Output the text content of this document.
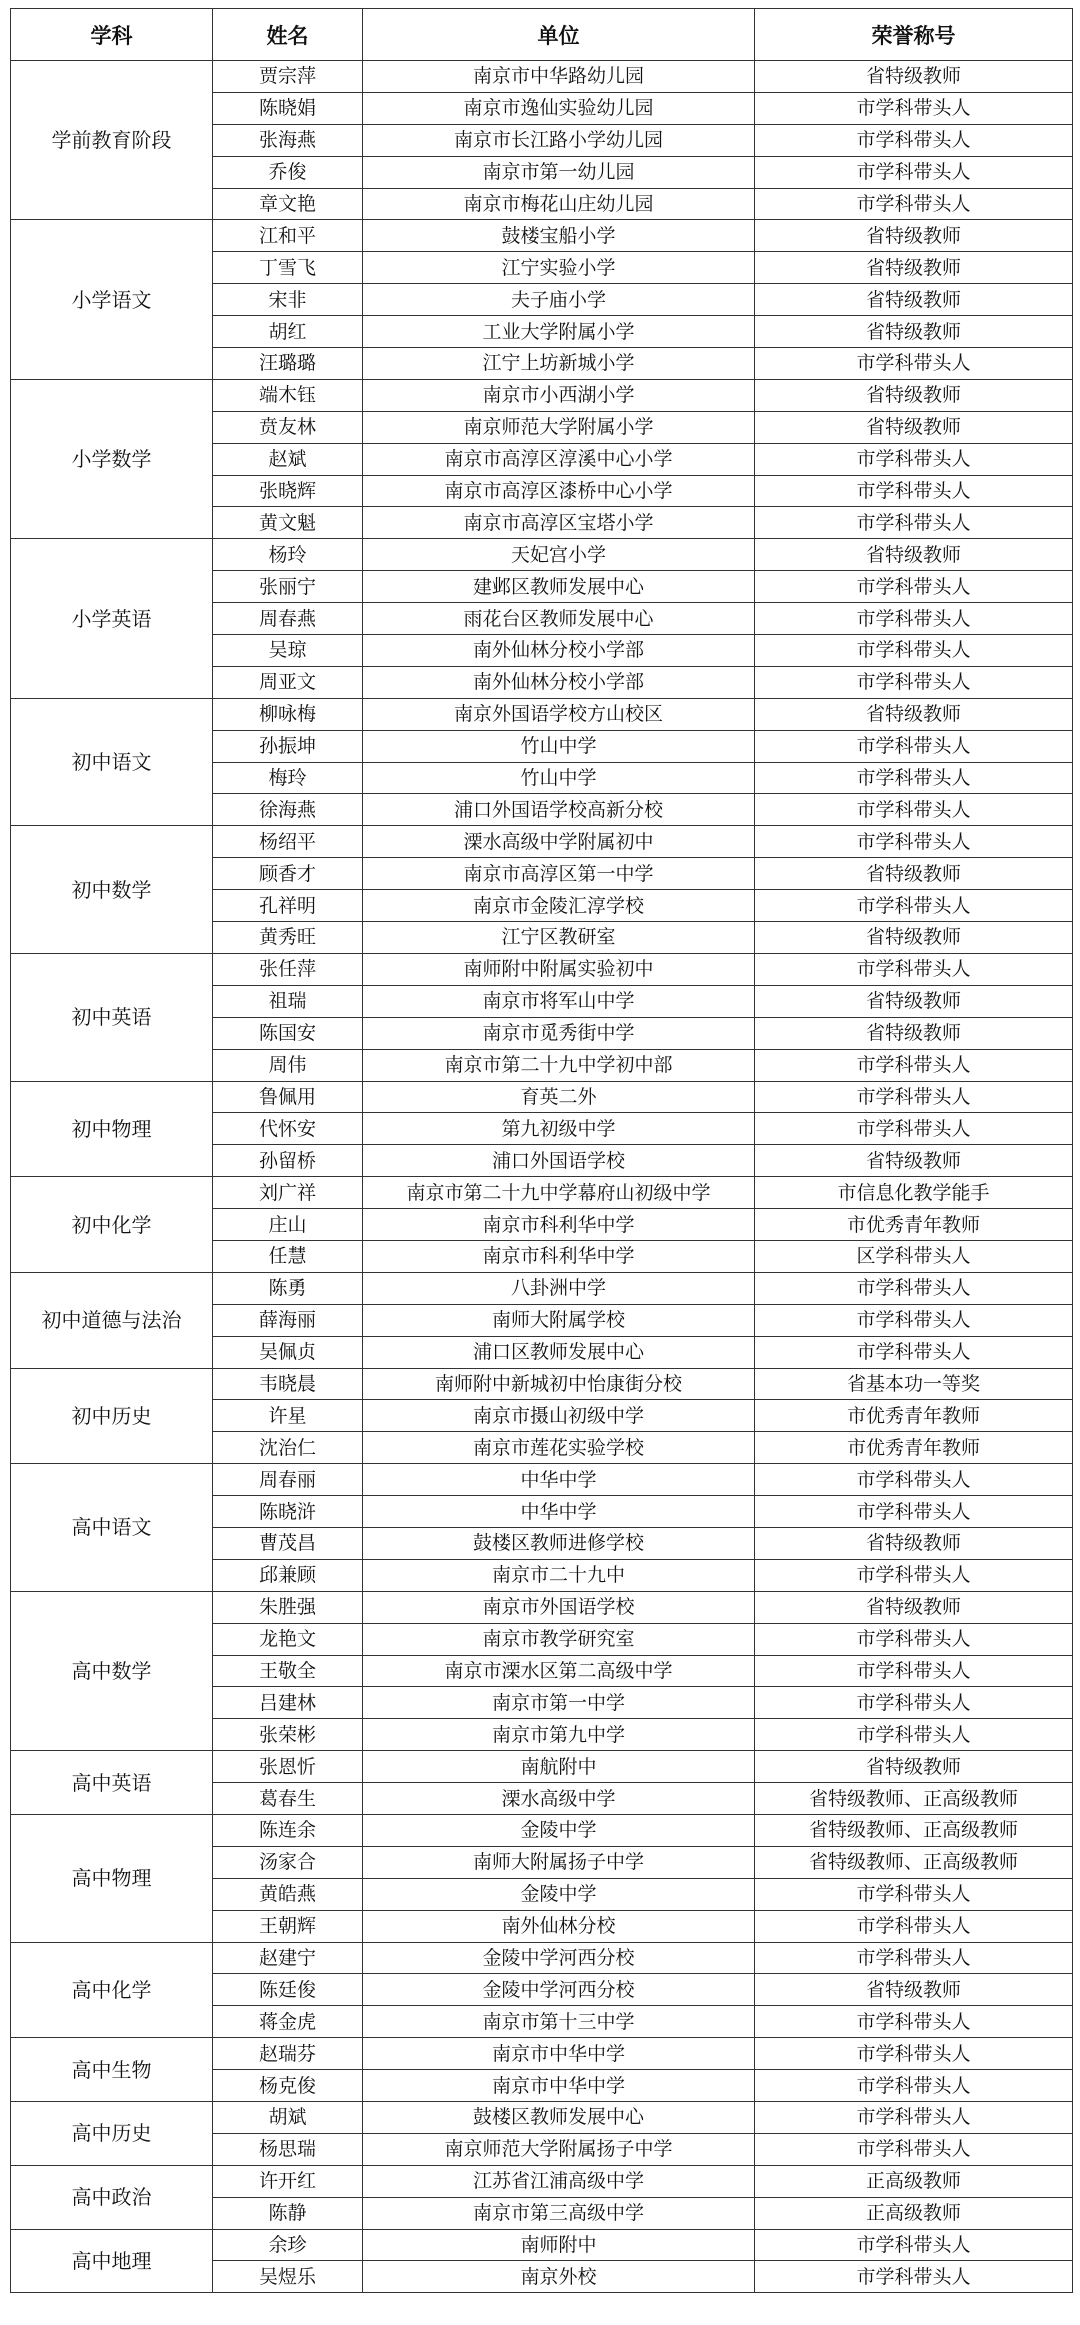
学科	姓名	单位	荣誉称号
学前教育阶段	贾宗萍	南京市中华路幼儿园	省特级教师
	陈晓娟	南京市逸仙实验幼儿园	市学科带头人
	张海燕	南京市长江路小学幼儿园	市学科带头人
	乔俊	南京市第一幼儿园	市学科带头人
	章文艳	南京市梅花山庄幼儿园	市学科带头人
小学语文	江和平	鼓楼宝船小学	省特级教师
	丁雪飞	江宁实验小学	省特级教师
	宋非	夫子庙小学	省特级教师
	胡红	工业大学附属小学	省特级教师
	汪璐璐	江宁上坊新城小学	市学科带头人
小学数学	端木钰	南京市小西湖小学	省特级教师
	贲友林	南京师范大学附属小学	省特级教师
	赵斌	南京市高淳区淳溪中心小学	市学科带头人
	张晓辉	南京市高淳区漆桥中心小学	市学科带头人
	黄文魁	南京市高淳区宝塔小学	市学科带头人
小学英语	杨玲	天妃宫小学	省特级教师
	张丽宁	建邺区教师发展中心	市学科带头人
	周春燕	雨花台区教师发展中心	市学科带头人
	吴琼	南外仙林分校小学部	市学科带头人
	周亚文	南外仙林分校小学部	市学科带头人
初中语文	柳咏梅	南京外国语学校方山校区	省特级教师
	孙振坤	竹山中学	市学科带头人
	梅玲	竹山中学	市学科带头人
	徐海燕	浦口外国语学校高新分校	市学科带头人
初中数学	杨绍平	溧水高级中学附属初中	市学科带头人
	顾香才	南京市高淳区第一中学	省特级教师
	孔祥明	南京市金陵汇淳学校	市学科带头人
	黄秀旺	江宁区教研室	省特级教师
初中英语	张任萍	南师附中附属实验初中	市学科带头人
	祖瑞	南京市将军山中学	省特级教师
	陈国安	南京市觅秀街中学	省特级教师
	周伟	南京市第二十九中学初中部	市学科带头人
初中物理	鲁佩用	育英二外	市学科带头人
	代怀安	第九初级中学	市学科带头人
	孙留桥	浦口外国语学校	省特级教师
初中化学	刘广祥	南京市第二十九中学幕府山初级中学	市信息化教学能手
	庄山	南京市科利华中学	市优秀青年教师
	任慧	南京市科利华中学	区学科带头人
初中道德与法治	陈勇	八卦洲中学	市学科带头人
	薛海丽	南师大附属学校	市学科带头人
	吴佩贞	浦口区教师发展中心	市学科带头人
初中历史	韦晓晨	南师附中新城初中怡康街分校	省基本功一等奖
	许星	南京市摄山初级中学	市优秀青年教师
	沈治仁	南京市莲花实验学校	市优秀青年教师
高中语文	周春丽	中华中学	市学科带头人
	陈晓浒	中华中学	市学科带头人
	曹茂昌	鼓楼区教师进修学校	省特级教师
	邱兼顾	南京市二十九中	市学科带头人
高中数学	朱胜强	南京市外国语学校	省特级教师
	龙艳文	南京市教学研究室	市学科带头人
	王敬全	南京市溧水区第二高级中学	市学科带头人
	吕建林	南京市第一中学	市学科带头人
	张荣彬	南京市第九中学	市学科带头人
高中英语	张恩忻	南航附中	省特级教师
	葛春生	溧水高级中学	省特级教师、正高级教师
高中物理	陈连余	金陵中学	省特级教师、正高级教师
	汤家合	南师大附属扬子中学	省特级教师、正高级教师
	黄皓燕	金陵中学	市学科带头人
	王朝辉	南外仙林分校	市学科带头人
高中化学	赵建宁	金陵中学河西分校	市学科带头人
	陈廷俊	金陵中学河西分校	省特级教师
	蒋金虎	南京市第十三中学	市学科带头人
高中生物	赵瑞芬	南京市中华中学	市学科带头人
	杨克俊	南京市中华中学	市学科带头人
高中历史	胡斌	鼓楼区教师发展中心	市学科带头人
	杨思瑞	南京师范大学附属扬子中学	市学科带头人
高中政治	许开红	江苏省江浦高级中学	正高级教师
	陈静	南京市第三高级中学	正高级教师
高中地理	余珍	南师附中	市学科带头人
	吴煜乐	南京外校	市学科带头人
